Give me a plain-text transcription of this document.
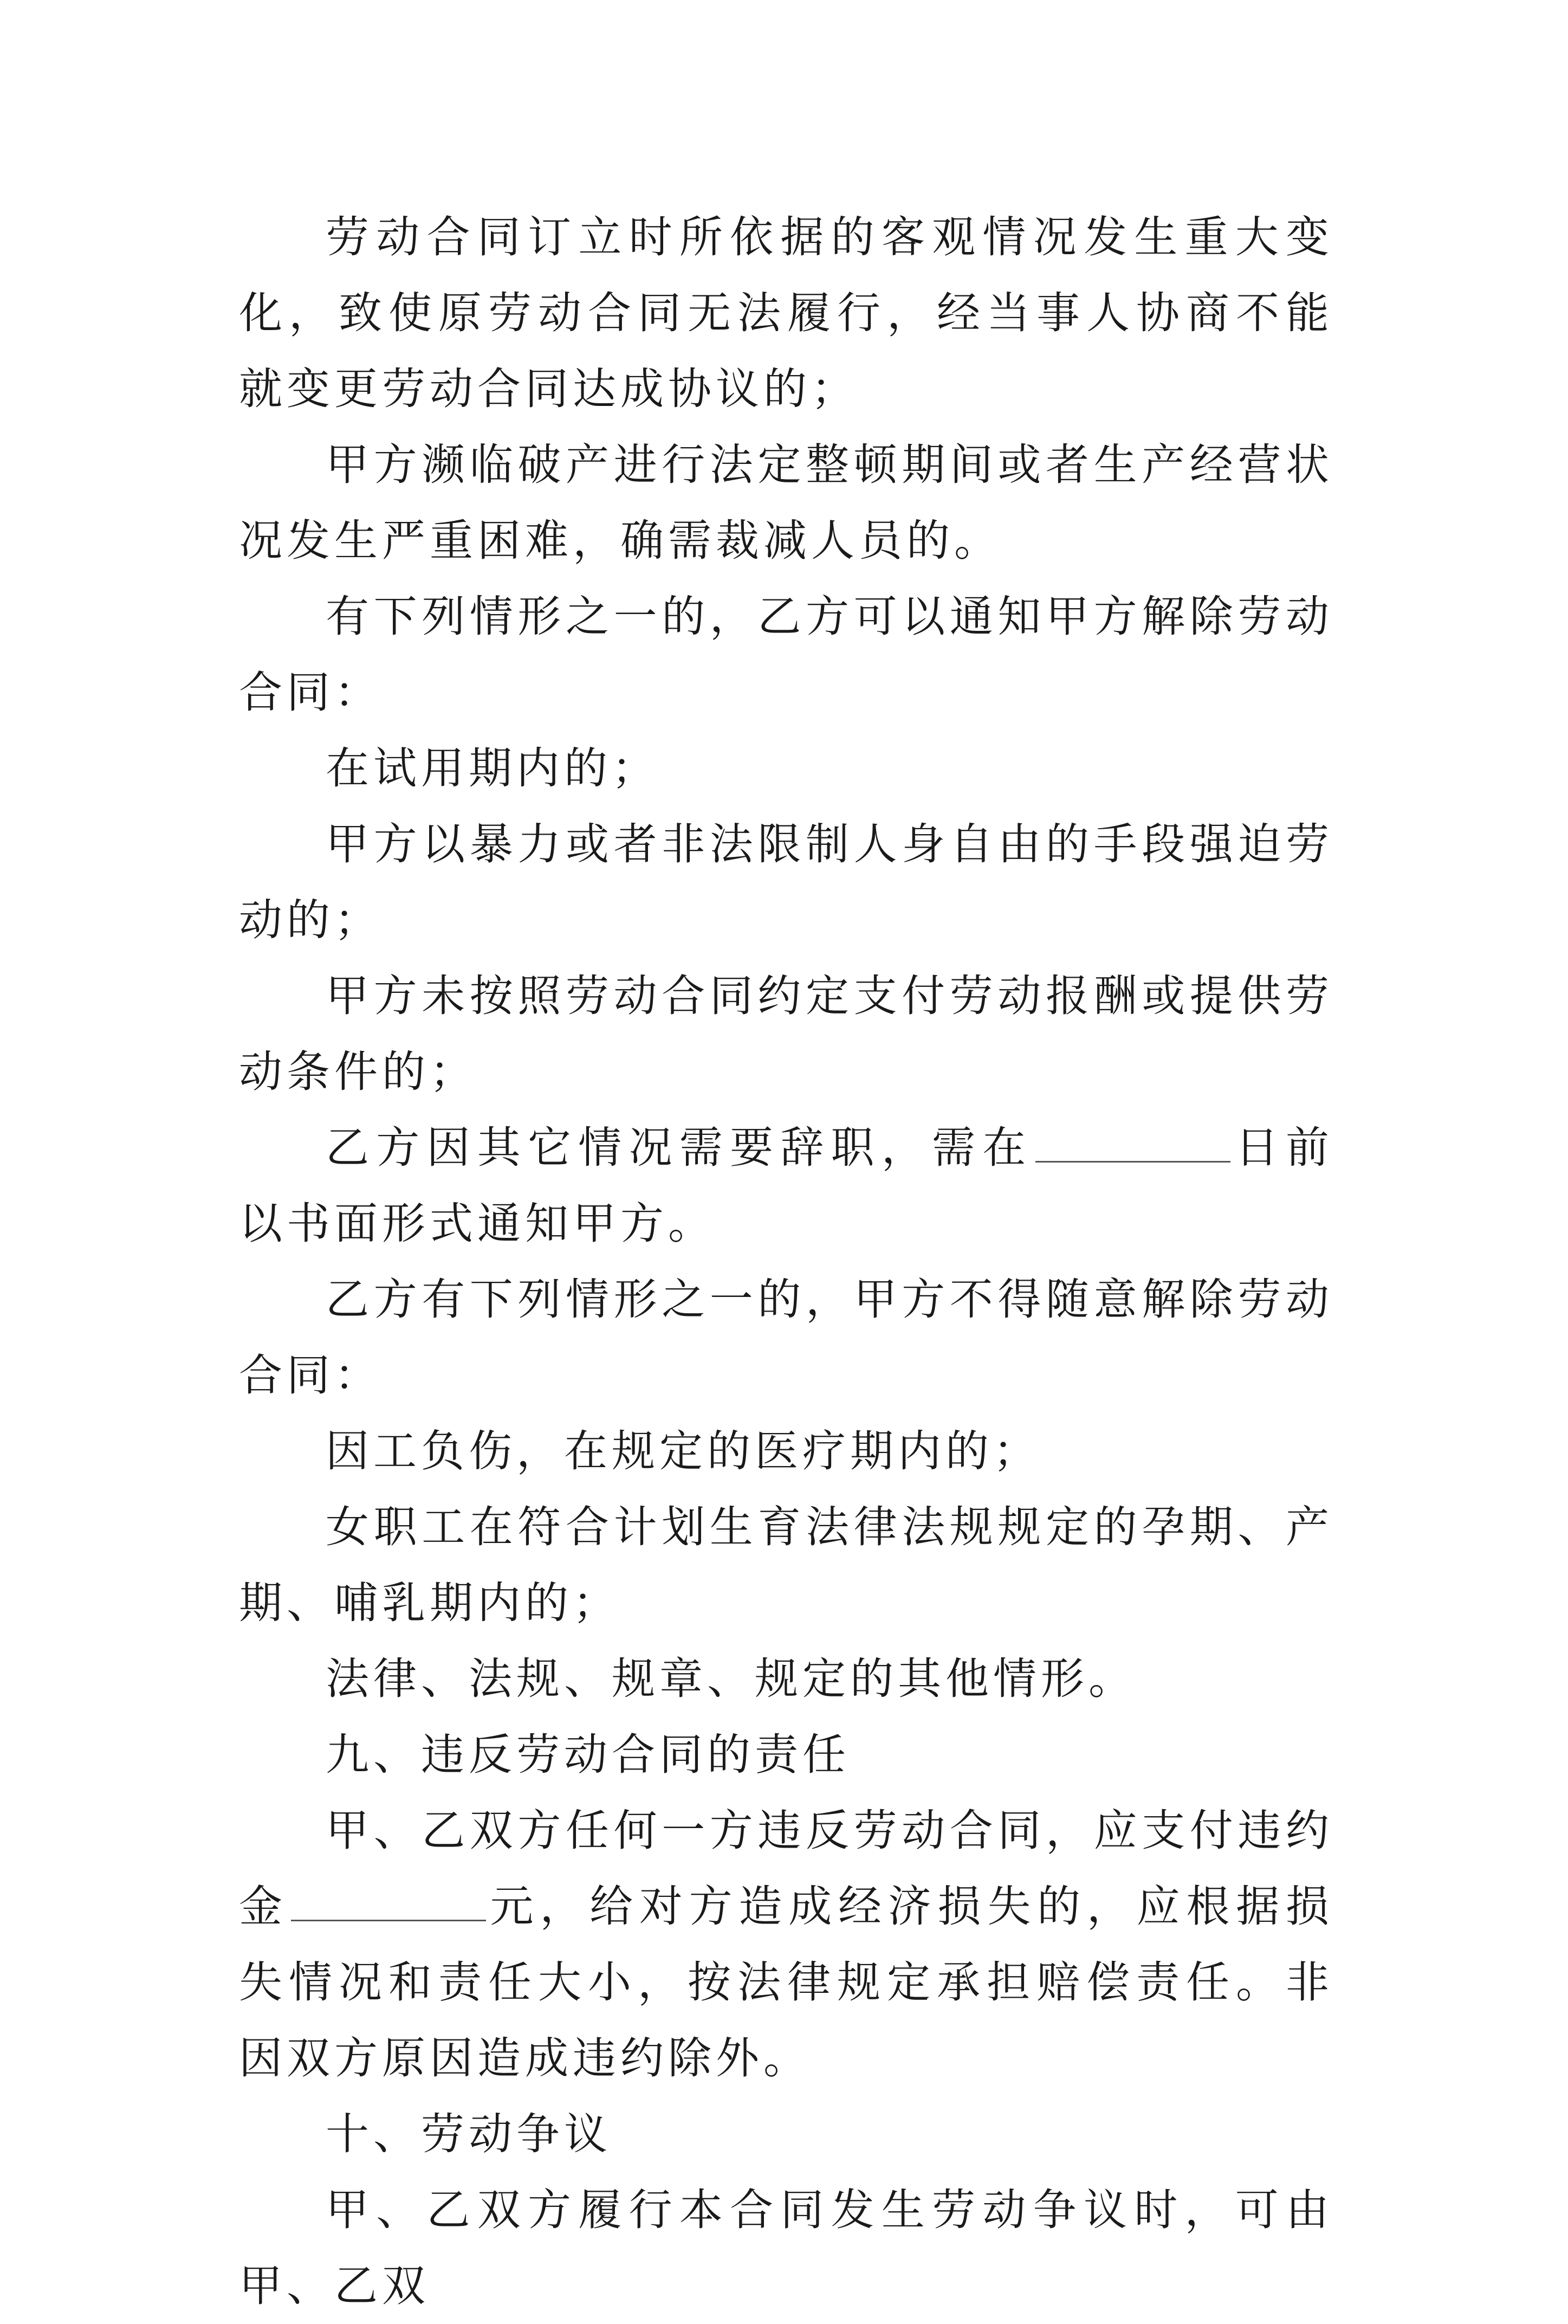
劳动合同订立时所依据的客观情况发生重大变化，致使原劳动合同无法履行，经当事人协商不能就变更劳动合同达成协议的；

甲方濒临破产进行法定整顿期间或者生产经营状况发生严重困难，确需裁减人员的。

有下列情形之一的，乙方可以通知甲方解除劳动合同：

在试用期内的；

甲方以暴力或者非法限制人身自由的手段强迫劳动的；

甲方未按照劳动合同约定支付劳动报酬或提供劳动条件的；

乙方因其它情况需要辞职，需在	日前以书面形式通知甲方。

乙方有下列情形之一的，甲方不得随意解除劳动合同：

因工负伤，在规定的医疗期内的；

女职工在符合计划生育法律法规规定的孕期、产期、哺乳期内的；

法律、法规、规章、规定的其他情形。

九、违反劳动合同的责任

甲、乙双方任何一方违反劳动合同，应支付违约金	元，给对方造成经济损失的，应根据损失情况和责任大小，按法律规定承担赔偿责任。非因双方原因造成违约除外。

十、劳动争议

甲、乙双方履行本合同发生劳动争议时，可由甲、乙双
